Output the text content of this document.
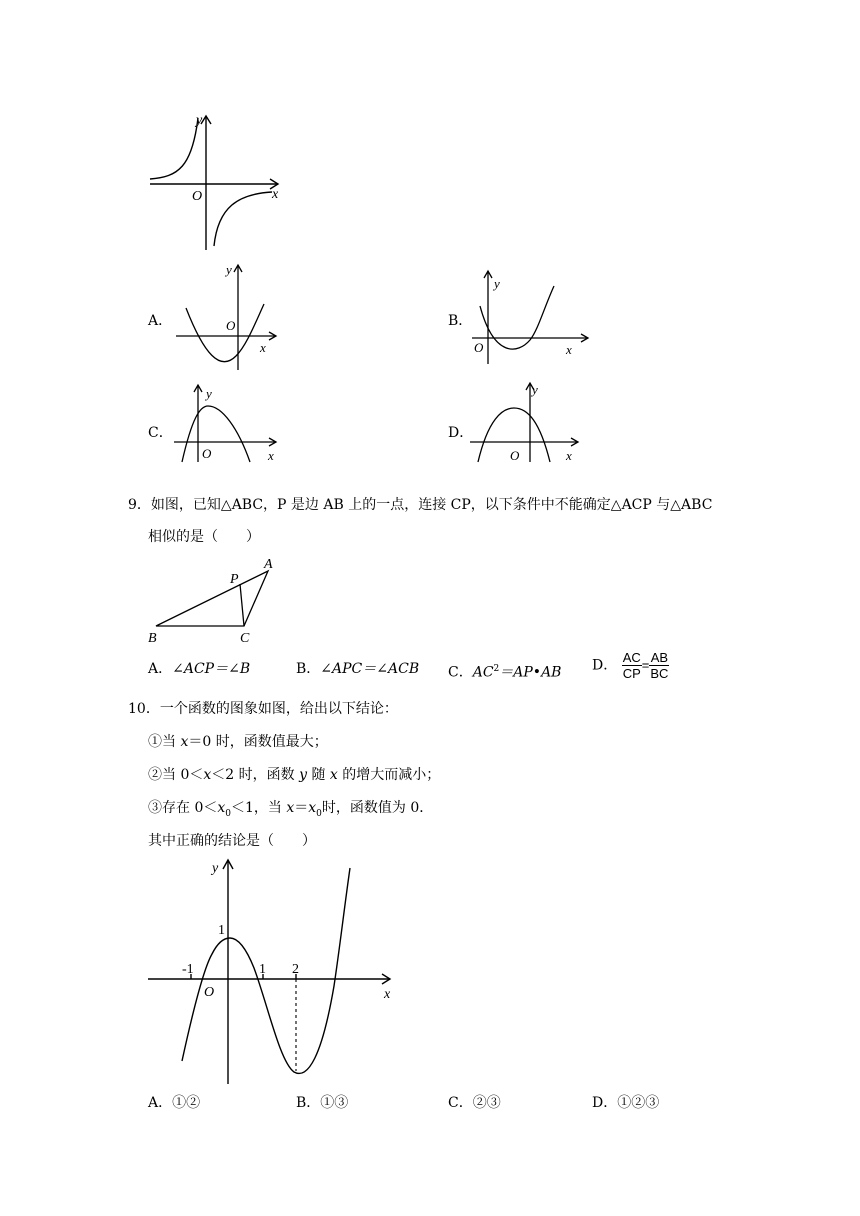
y
x
O
A．
y
x
O	B．
y
x
O
C．
y
x
O
D．
y
x
O
9．如图，已知△ABC，P 是边 AB 上的一点，连接 CP，以下条件中不能确定△ACP 与△ABC
相似的是（　　）
A
P
B	C
A．∠ACP＝∠B	B．∠APC＝∠ACB C．$AC^2=AP•AB$ D． $\frac{AC}{CP} = \frac{AB}{BC}$
10．一个函数的图象如图，给出以下结论：
①当 x＝0 时，函数值最大；
②当 0＜x＜2 时，函数 y 随 x 的增大而减小；
③存在 $0<x_0<1$，当 $x=x_0$时，函数值为 0．
其中正确的结论是（　　）
y
x
O
-1	1 2
1
A．①②	B．①③	C．②③	D．①②③
